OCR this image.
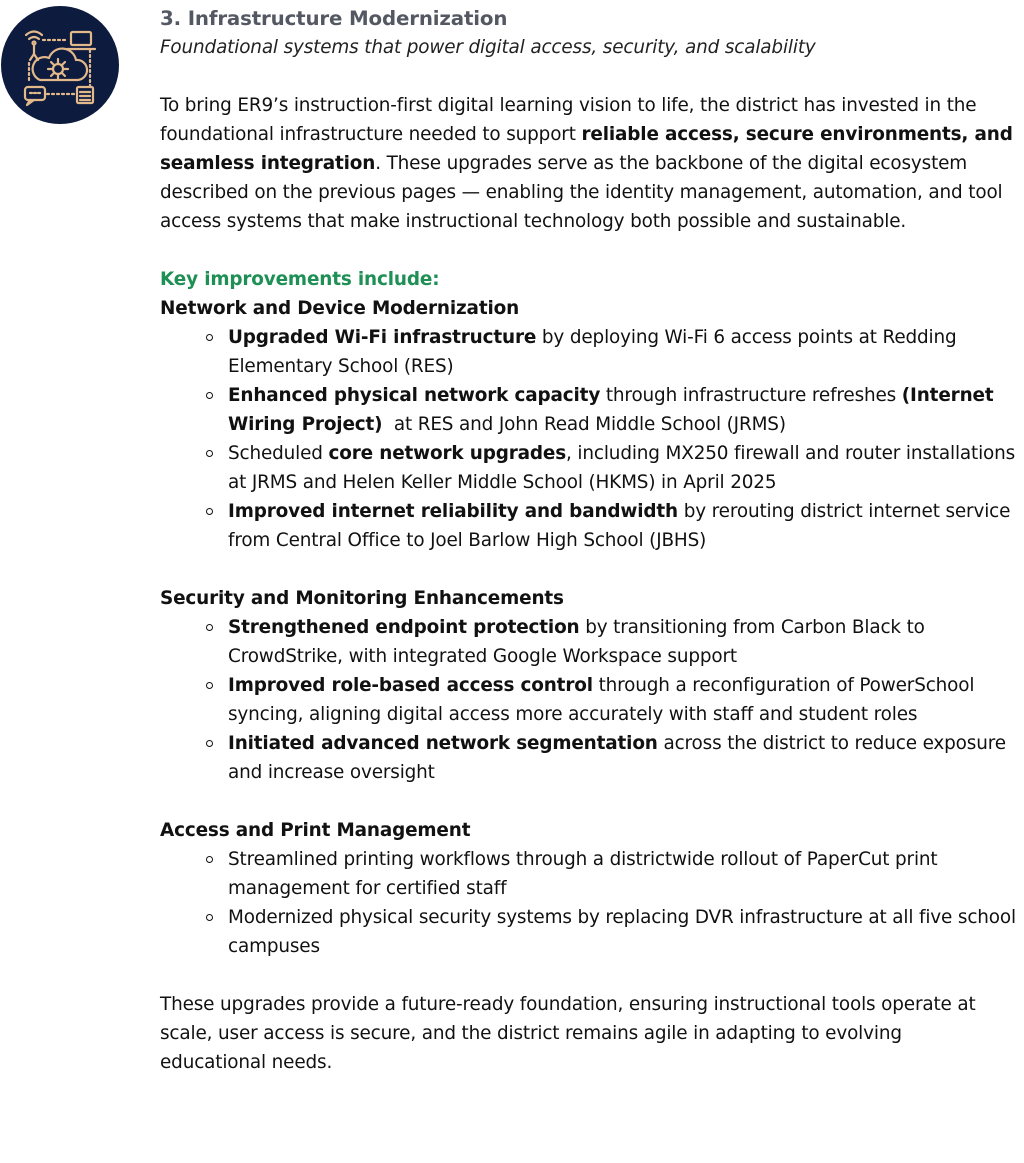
3. Infrastructure Modernization

Foundational systems that power digital access, security, and scalability

To bring ER9’s instruction-first digital learning vision to life, the district has invested in the foundational infrastructure needed to support reliable access, secure environments, and seamless integration. These upgrades serve as the backbone of the digital ecosystem described on the previous pages — enabling the identity management, automation, and tool access systems that make instructional technology both possible and sustainable.

Key improvements include:

Network and Device Modernization

Upgraded Wi-Fi infrastructure by deploying Wi-Fi 6 access points at Redding Elementary School (RES)
Enhanced physical network capacity through infrastructure refreshes (Internet Wiring Project)  at RES and John Read Middle School (JRMS)
Scheduled core network upgrades, including MX250 firewall and router installations at JRMS and Helen Keller Middle School (HKMS) in April 2025
Improved internet reliability and bandwidth by rerouting district internet service from Central Office to Joel Barlow High School (JBHS)

Security and Monitoring Enhancements

Strengthened endpoint protection by transitioning from Carbon Black to CrowdStrike, with integrated Google Workspace support
Improved role-based access control through a reconfiguration of PowerSchool syncing, aligning digital access more accurately with staff and student roles
Initiated advanced network segmentation across the district to reduce exposure and increase oversight

Access and Print Management

Streamlined printing workflows through a districtwide rollout of PaperCut print management for certified staff
Modernized physical security systems by replacing DVR infrastructure at all five school campuses

These upgrades provide a future-ready foundation, ensuring instructional tools operate at scale, user access is secure, and the district remains agile in adapting to evolving educational needs.
